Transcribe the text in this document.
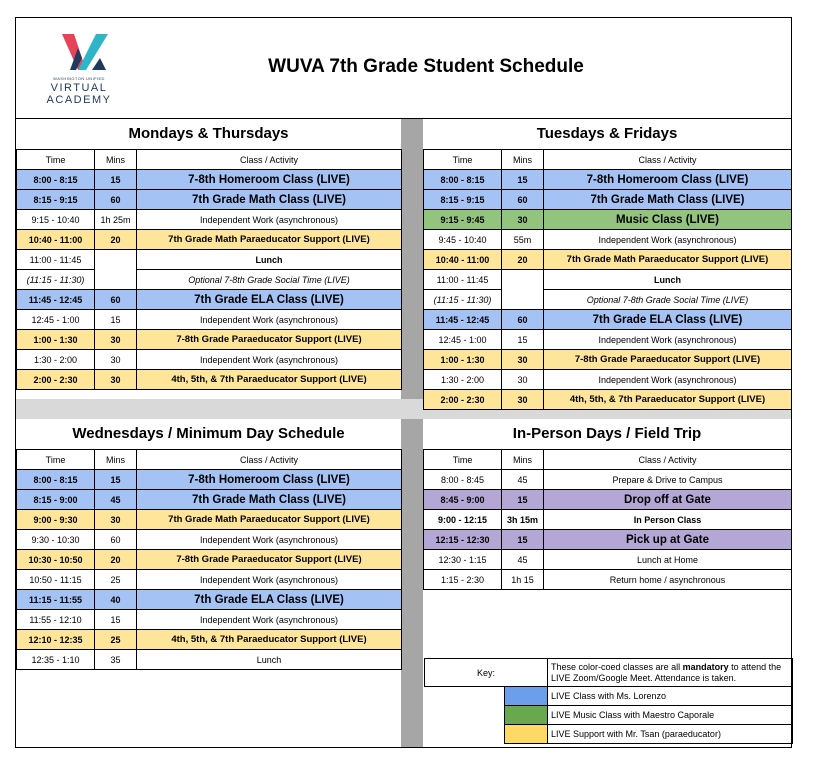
WASHINGTON UNIFIED
VIRTUAL
ACADEMY
WUVA 7th Grade Student Schedule
Mondays & Thursdays
Time	Mins	Class / Activity
8:00 - 8:15	15	7-8th Homeroom Class (LIVE)
8:15 - 9:15	60	7th Grade Math Class (LIVE)
9:15 - 10:40	1h 25m	Independent Work (asynchronous)
10:40 - 11:00	20	7th Grade Math Paraeducator Support (LIVE)
11:00 - 11:45		Lunch
(11:15 - 11:30)		Optional 7-8th Grade Social Time (LIVE)
11:45 - 12:45	60	7th Grade ELA Class (LIVE)
12:45 - 1:00	15	Independent Work (asynchronous)
1:00 - 1:30	30	7-8th Grade Paraeducator Support (LIVE)
1:30 - 2:00	30	Independent Work (asynchronous)
2:00 - 2:30	30	4th, 5th, & 7th Paraeducator Support (LIVE)
Tuesdays & Fridays
Time	Mins	Class / Activity
8:00 - 8:15	15	7-8th Homeroom Class (LIVE)
8:15 - 9:15	60	7th Grade Math Class (LIVE)
9:15 - 9:45	30	Music Class (LIVE)
9:45 - 10:40	55m	Independent Work (asynchronous)
10:40 - 11:00	20	7th Grade Math Paraeducator Support (LIVE)
11:00 - 11:45		Lunch
(11:15 - 11:30)		Optional 7-8th Grade Social Time (LIVE)
11:45 - 12:45	60	7th Grade ELA Class (LIVE)
12:45 - 1:00	15	Independent Work (asynchronous)
1:00 - 1:30	30	7-8th Grade Paraeducator Support (LIVE)
1:30 - 2:00	30	Independent Work (asynchronous)
2:00 - 2:30	30	4th, 5th, & 7th Paraeducator Support (LIVE)
Wednesdays / Minimum Day Schedule
Time	Mins	Class / Activity
8:00 - 8:15	15	7-8th Homeroom Class (LIVE)
8:15 - 9:00	45	7th Grade Math Class (LIVE)
9:00 - 9:30	30	7th Grade Math Paraeducator Support (LIVE)
9:30 - 10:30	60	Independent Work (asynchronous)
10:30 - 10:50	20	7-8th Grade Paraeducator Support (LIVE)
10:50 - 11:15	25	Independent Work (asynchronous)
11:15 - 11:55	40	7th Grade ELA Class (LIVE)
11:55 - 12:10	15	Independent Work (asynchronous)
12:10 - 12:35	25	4th, 5th, & 7th Paraeducator Support (LIVE)
12:35 - 1:10	35	Lunch
In-Person Days / Field Trip
Time	Mins	Class / Activity
8:00 - 8:45	45	Prepare & Drive to Campus
8:45 - 9:00	15	Drop off at Gate
9:00 - 12:15	3h 15m	In Person Class
12:15 - 12:30	15	Pick up at Gate
12:30 - 1:15	45	Lunch at Home
1:15 - 2:30	1h 15	Return home / asynchronous
Key:		These color-coed classes are all mandatory to attend the LIVE Zoom/Google Meet. Attendance is taken.
		LIVE Class with Ms. Lorenzo
		LIVE Music Class with Maestro Caporale
		LIVE Support with Mr. Tsan (paraeducator)
